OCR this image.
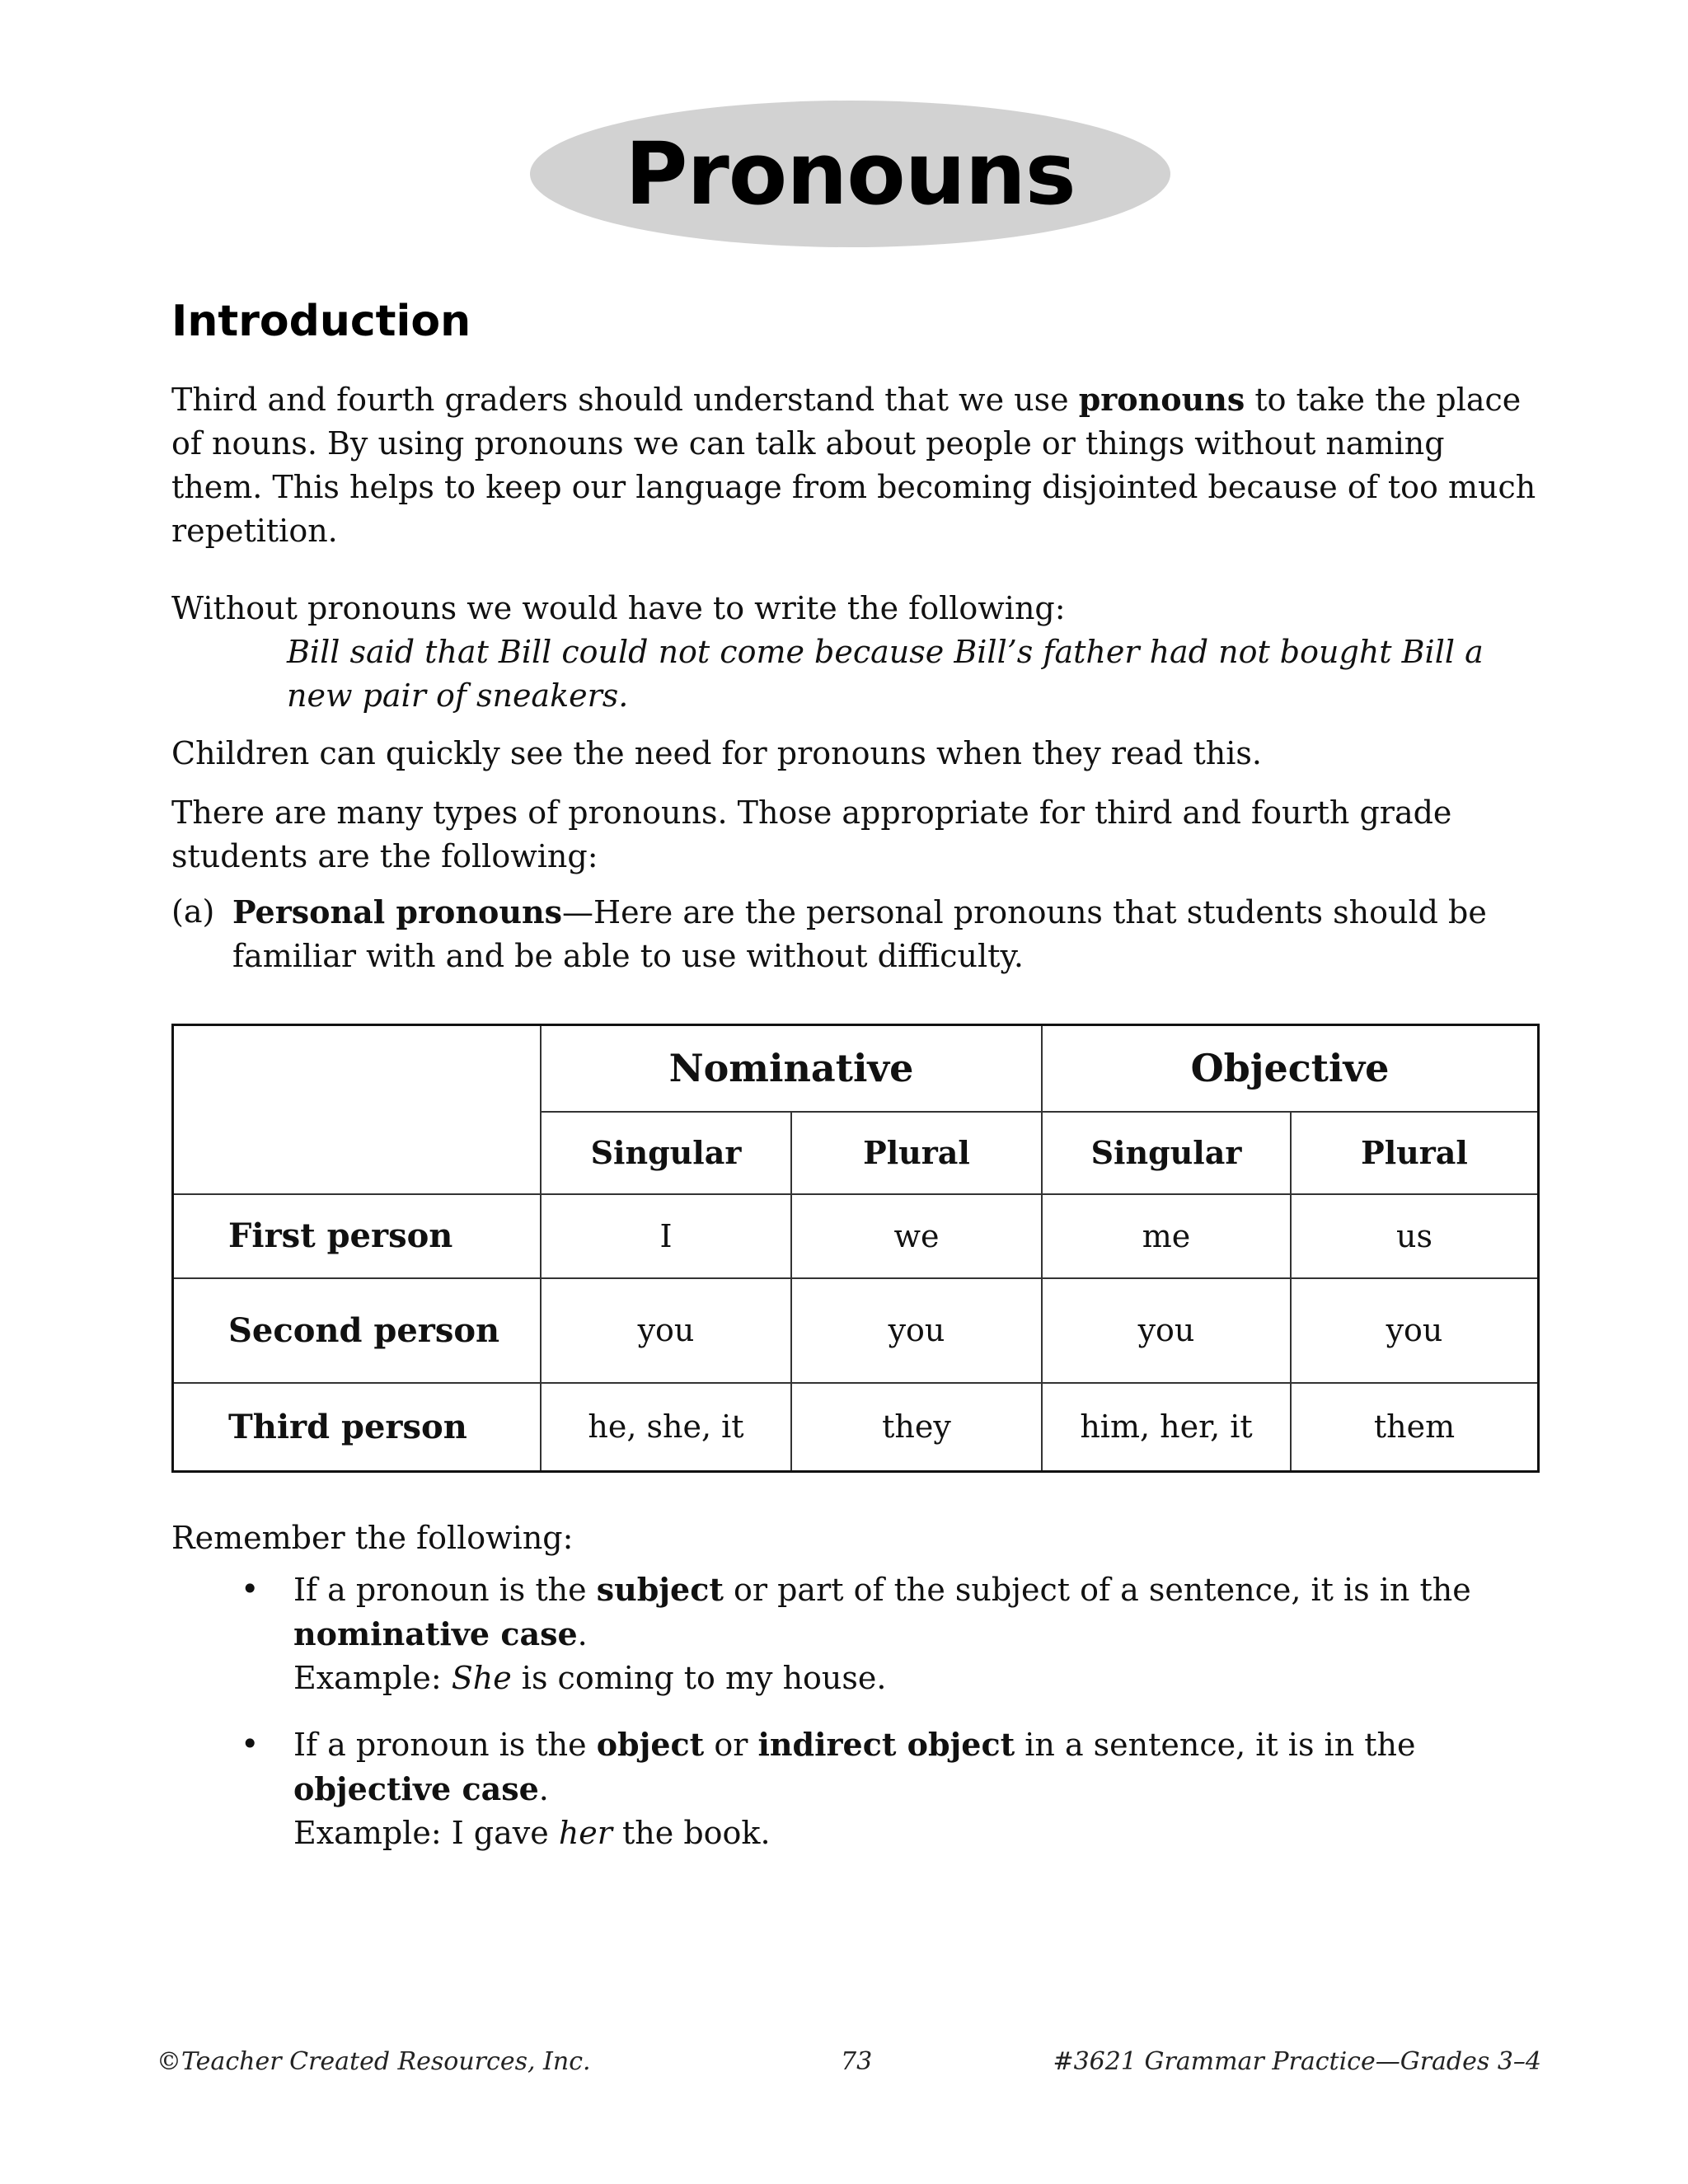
Pronouns
Introduction

Third and fourth graders should understand that we use pronouns to take the place of nouns. By using pronouns we can talk about people or things without naming them. This helps to keep our language from becoming disjointed because of too much repetition.

Without pronouns we would have to write the following:

Bill said that Bill could not come because Bill’s father had not bought Bill a new pair of sneakers.

Children can quickly see the need for pronouns when they read this.

There are many types of pronouns. Those appropriate for third and fourth grade students are the following:

(a) Personal pronouns—Here are the personal pronouns that students should be familiar with and be able to use without difficulty.
	Nominative		Objective	
	Singular	Plural	Singular	Plural
First person	I	we	me	us
Second person	you	you	you	you
Third person	he, she, it	they	him, her, it	them

Remember the following:

• If a pronoun is the subject or part of the subject of a sentence, it is in the nominative case.
Example: She is coming to my house.
• If a pronoun is the object or indirect object in a sentence, it is in the objective case.
Example: I gave her the book.
©Teacher Created Resources, Inc.	73	#3621 Grammar Practice—Grades 3–4
